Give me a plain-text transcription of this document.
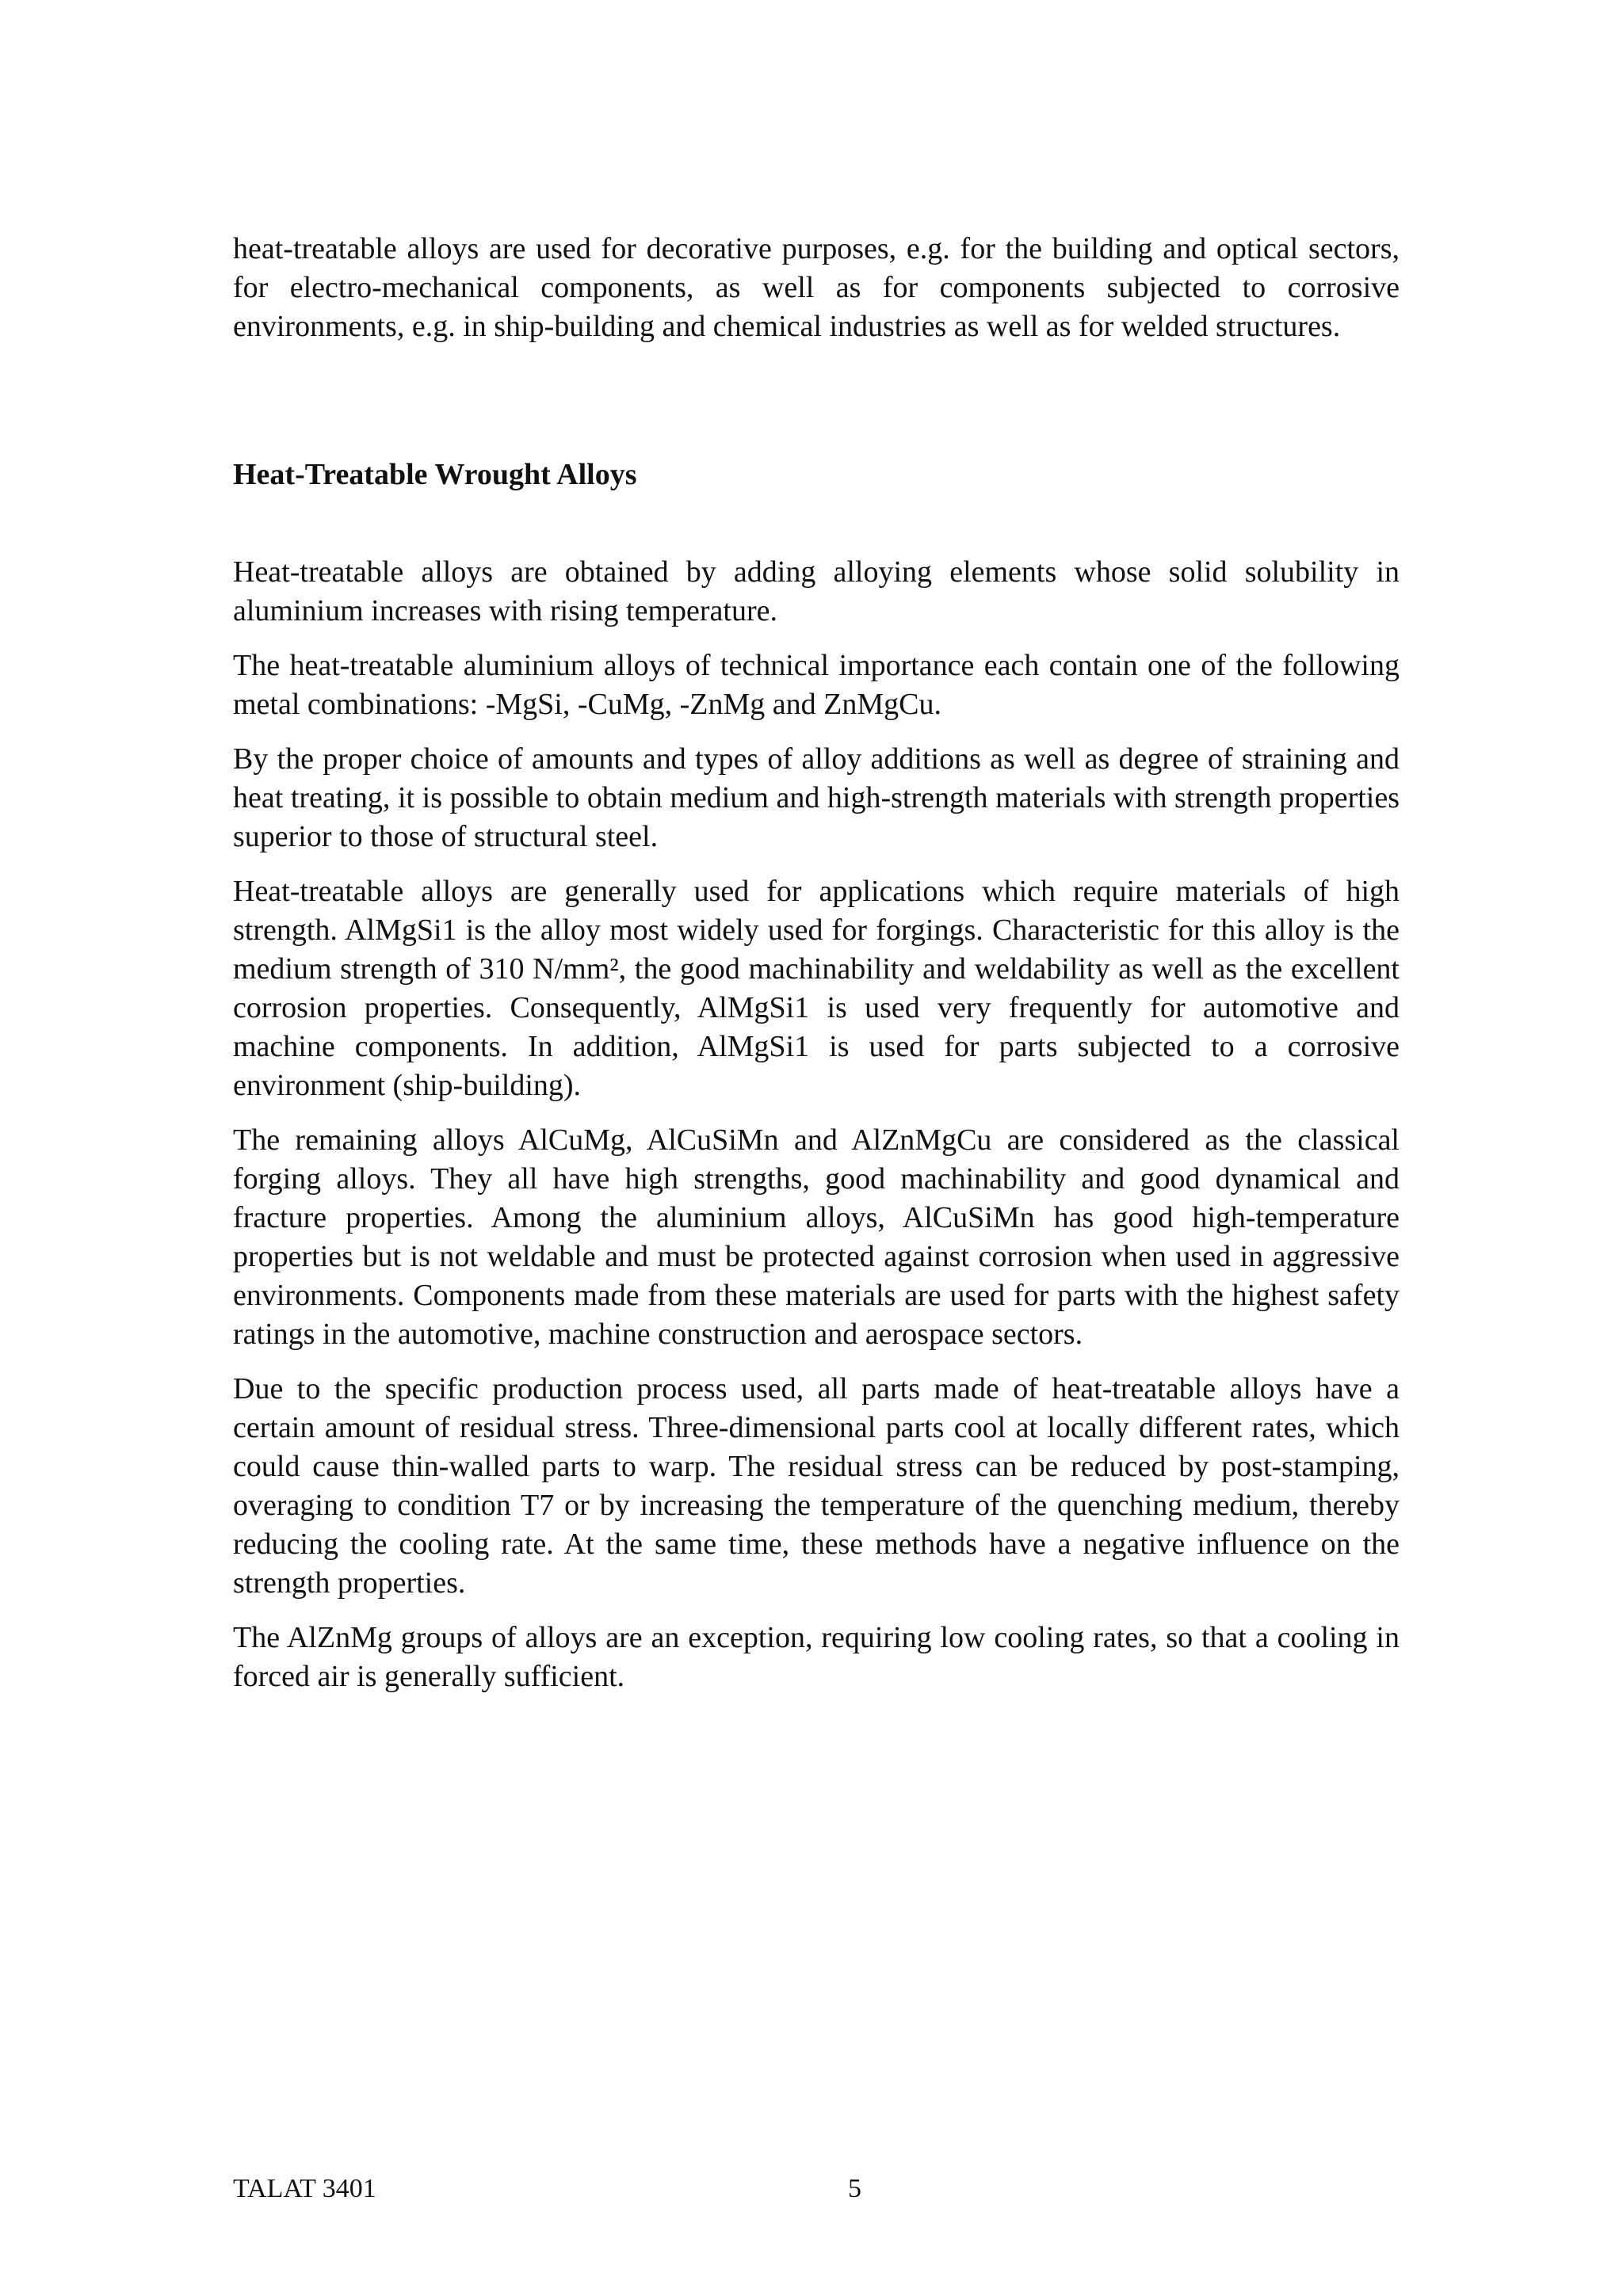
heat-treatable alloys are used for decorative purposes, e.g. for the building and optical sectors, for electro-mechanical components, as well as for components subjected to corrosive environments, e.g. in ship-building and chemical industries as well as for welded structures.

Heat-Treatable Wrought Alloys

Heat-treatable alloys are obtained by adding alloying elements whose solid solubility in aluminium increases with rising temperature.

The heat-treatable aluminium alloys of technical importance each contain one of the following metal combinations: -MgSi, -CuMg, -ZnMg and ZnMgCu.

By the proper choice of amounts and types of alloy additions as well as degree of straining and heat treating, it is possible to obtain medium and high-strength materials with strength properties superior to those of structural steel.

Heat-treatable alloys are generally used for applications which require materials of high strength. AlMgSi1 is the alloy most widely used for forgings. Characteristic for this alloy is the medium strength of 310 N/mm², the good machinability and weldability as well as the excellent corrosion properties. Consequently, AlMgSi1 is used very frequently for automotive and machine components. In addition, AlMgSi1 is used for parts subjected to a corrosive environment (ship-building).

The remaining alloys AlCuMg, AlCuSiMn and AlZnMgCu are considered as the classical forging alloys. They all have high strengths, good machinability and good dynamical and fracture properties. Among the aluminium alloys, AlCuSiMn has good high-temperature properties but is not weldable and must be protected against corrosion when used in aggressive environments. Components made from these materials are used for parts with the highest safety ratings in the automotive, machine construction and aerospace sectors.

Due to the specific production process used, all parts made of heat-treatable alloys have a certain amount of residual stress. Three-dimensional parts cool at locally different rates, which could cause thin-walled parts to warp. The residual stress can be reduced by post-stamping, overaging to condition T7 or by increasing the temperature of the quenching medium, thereby reducing the cooling rate. At the same time, these methods have a negative influence on the strength properties.

The AlZnMg groups of alloys are an exception, requiring low cooling rates, so that a cooling in forced air is generally sufficient.

TALAT 3401	5
